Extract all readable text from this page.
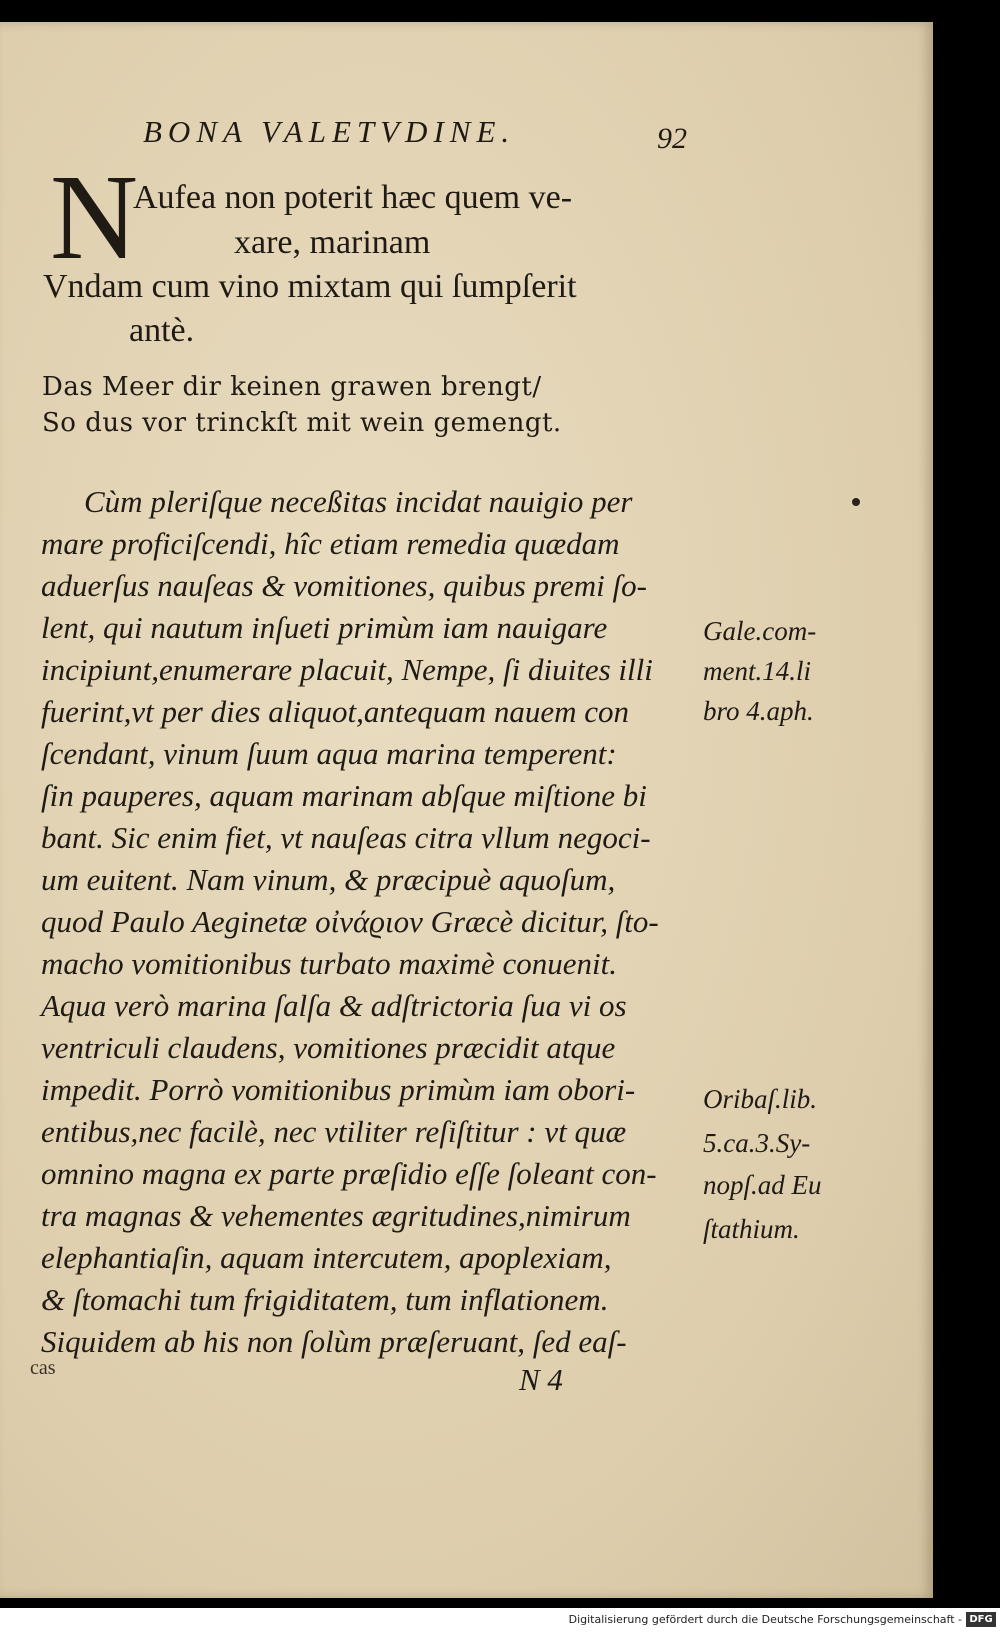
BONA VALETVDINE.	92
N
Aufea non poterit hæc quem ve-
xare, marinam
Vndam cum vino mixtam qui ſumpſerit
antè.
Das Meer dir keinen grawen brengt/
So dus vor trinckſt mit wein gemengt.
Cùm pleriſque neceßitas incidat nauigio per
mare proficiſcendi, hîc etiam remedia quædam
aduerſus nauſeas & vomitiones, quibus premi ſo-
lent, qui nautum inſueti primùm iam nauigare
incipiunt,enumerare placuit, Nempe, ſi diuites illi
fuerint,vt per dies aliquot,antequam nauem con
ſcendant, vinum ſuum aqua marina temperent:
ſin pauperes, aquam marinam abſque miſtione bi
bant. Sic enim fiet, vt nauſeas citra vllum negoci-
um euitent. Nam vinum, & præcipuè aquoſum,
quod Paulo Aeginetæ οἰνάϱιον Græcè dicitur, ſto-
macho vomitionibus turbato maximè conuenit.
Aqua verò marina ſalſa & adſtrictoria ſua vi os
ventriculi claudens, vomitiones præcidit atque
impedit. Porrò vomitionibus primùm iam obori-
entibus,nec facilè, nec vtiliter reſiſtitur : vt quæ
omnino magna ex parte præſidio eſſe ſoleant con-
tra magnas & vehementes ægritudines,nimirum
elephantiaſin, aquam intercutem, apoplexiam,
& ſtomachi tum frigiditatem, tum inflationem.
Siquidem ab his non ſolùm præſeruant, ſed eaſ-
Gale.com-
ment.14.li
bro 4.aph.
Oribaſ.lib.
5.ca.3.Sy-
nopſ.ad Eu
ſtathium.
cas	N 4
Digitalisierung gefördert durch die Deutsche Forschungsgemeinschaft - DFG
